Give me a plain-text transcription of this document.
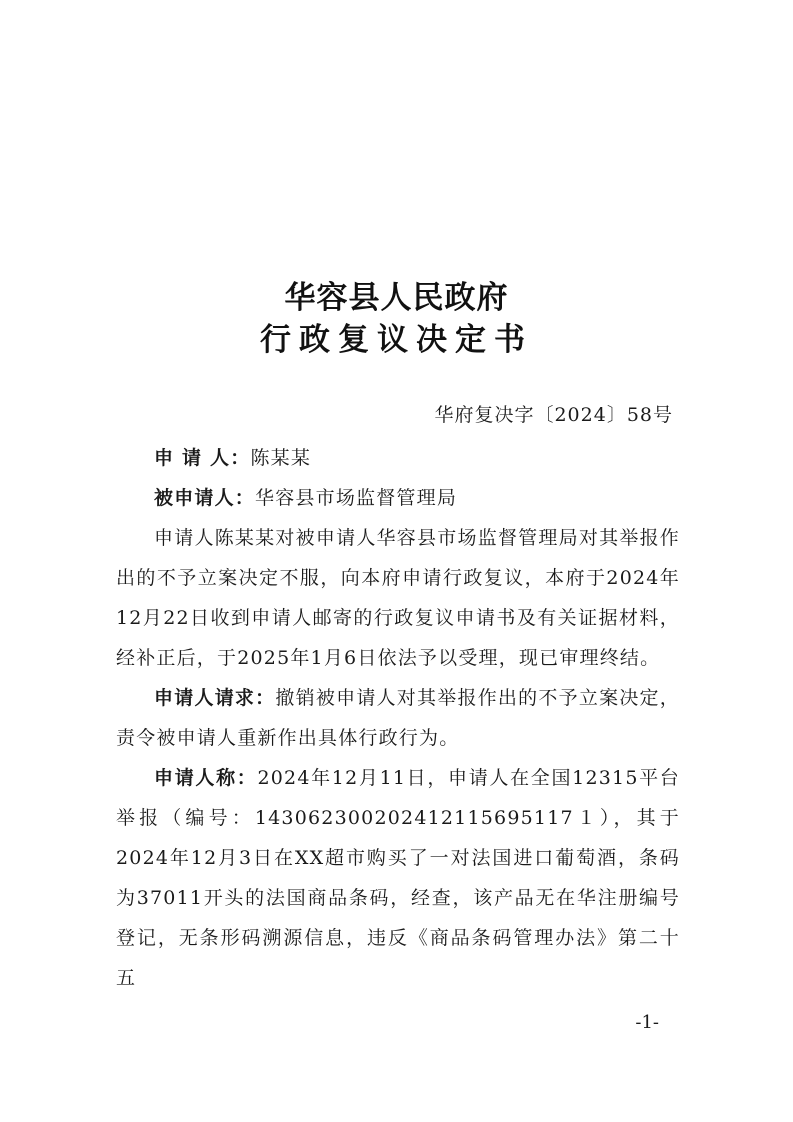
华容县人民政府
行政复议决定书
华府复决字〔2024〕58号

申 请 人：陈某某

被申请人：华容县市场监督管理局

申请人陈某某对被申请人华容县市场监督管理局对其举报作出的不予立案决定不服，向本府申请行政复议，本府于2024年12月22日收到申请人邮寄的行政复议申请书及有关证据材料，经补正后，于2025年1月6日依法予以受理，现已审理终结。

申请人请求：撤销被申请人对其举报作出的不予立案决定，责令被申请人重新作出具体行政行为。

申请人称：2024年12月11日，申请人在全国12315平台举报（编号：143062300202412115695117１），其于2024年12月3日在XX超市购买了一对法国进口葡萄酒，条码为37011开头的法国商品条码，经查，该产品无在华注册编号登记，无条形码溯源信息，违反《商品条码管理办法》第二十五

-1-
